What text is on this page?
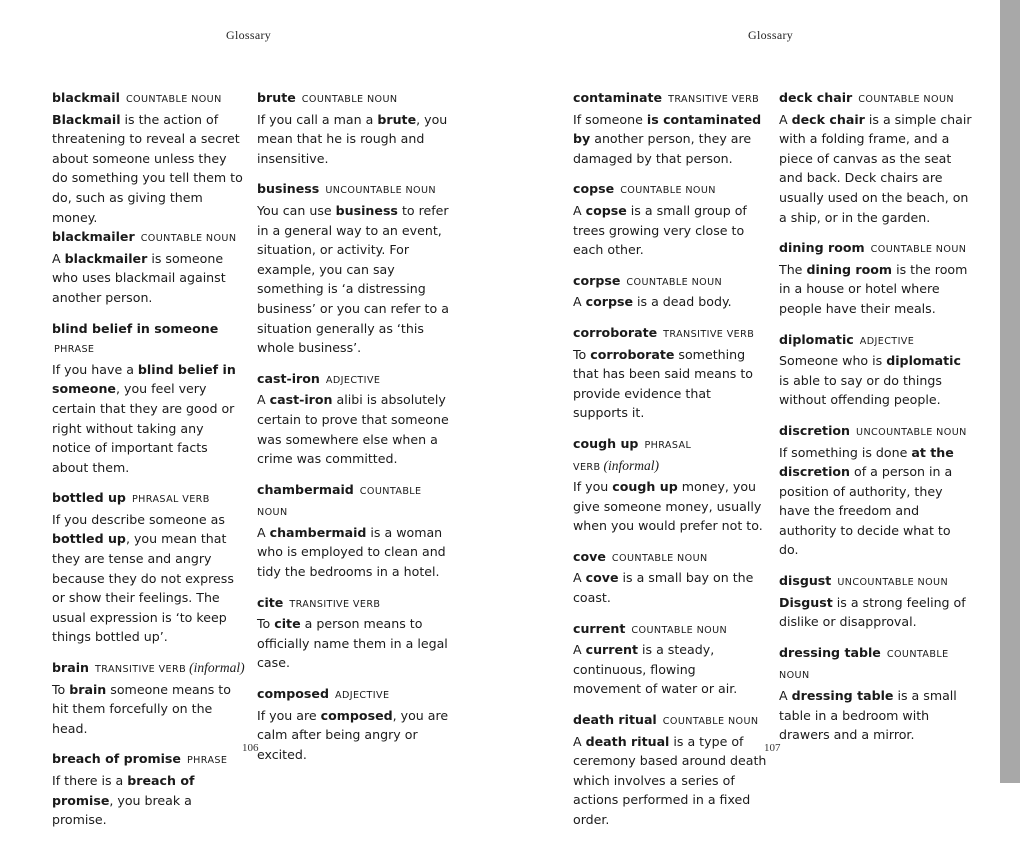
Glossary	Glossary
blackmail COUNTABLE NOUN
Blackmail is the action of threatening to reveal a secret about someone unless they do something you tell them to do, such as giving them money.
blackmailer COUNTABLE NOUN
A blackmailer is someone who uses blackmail against another person.
blind belief in someone PHRASE
If you have a blind belief in someone, you feel very certain that they are good or right without taking any notice of important facts about them.
bottled up PHRASAL VERB
If you describe someone as bottled up, you mean that they are tense and angry because they do not express or show their feelings. The usual expression is ‘to keep things bottled up’.
brain TRANSITIVE VERB (informal)
To brain someone means to hit them forcefully on the head.
breach of promise PHRASE
If there is a breach of promise, you break a promise.
brute COUNTABLE NOUN
If you call a man a brute, you mean that he is rough and insensitive.
business UNCOUNTABLE NOUN
You can use business to refer in a general way to an event, situation, or activity. For example, you can say something is ‘a distressing business’ or you can refer to a situation generally as ‘this whole business’.
cast-iron ADJECTIVE
A cast-iron alibi is absolutely certain to prove that someone was somewhere else when a crime was committed.
chambermaid COUNTABLE NOUN
A chambermaid is a woman who is employed to clean and tidy the bedrooms in a hotel.
cite TRANSITIVE VERB
To cite a person means to officially name them in a legal case.
composed ADJECTIVE
If you are composed, you are calm after being angry or excited.
contaminate TRANSITIVE VERB
If someone is contaminated by another person, they are damaged by that person.
copse COUNTABLE NOUN
A copse is a small group of trees growing very close to each other.
corpse COUNTABLE NOUN
A corpse is a dead body.
corroborate TRANSITIVE VERB
To corroborate something that has been said means to provide evidence that supports it.
cough up PHRASAL VERB (informal)
If you cough up money, you give someone money, usually when you would prefer not to.
cove COUNTABLE NOUN
A cove is a small bay on the coast.
current COUNTABLE NOUN
A current is a steady, continuous, flowing movement of water or air.
death ritual COUNTABLE NOUN
A death ritual is a type of ceremony based around death which involves a series of actions performed in a fixed order.
deck chair COUNTABLE NOUN
A deck chair is a simple chair with a folding frame, and a piece of canvas as the seat and back. Deck chairs are usually used on the beach, on a ship, or in the garden.
dining room COUNTABLE NOUN
The dining room is the room in a house or hotel where people have their meals.
diplomatic ADJECTIVE
Someone who is diplomatic is able to say or do things without offending people.
discretion UNCOUNTABLE NOUN
If something is done at the discretion of a person in a position of authority, they have the freedom and authority to decide what to do.
disgust UNCOUNTABLE NOUN
Disgust is a strong feeling of dislike or disapproval.
dressing table COUNTABLE NOUN
A dressing table is a small table in a bedroom with drawers and a mirror.
106	107
